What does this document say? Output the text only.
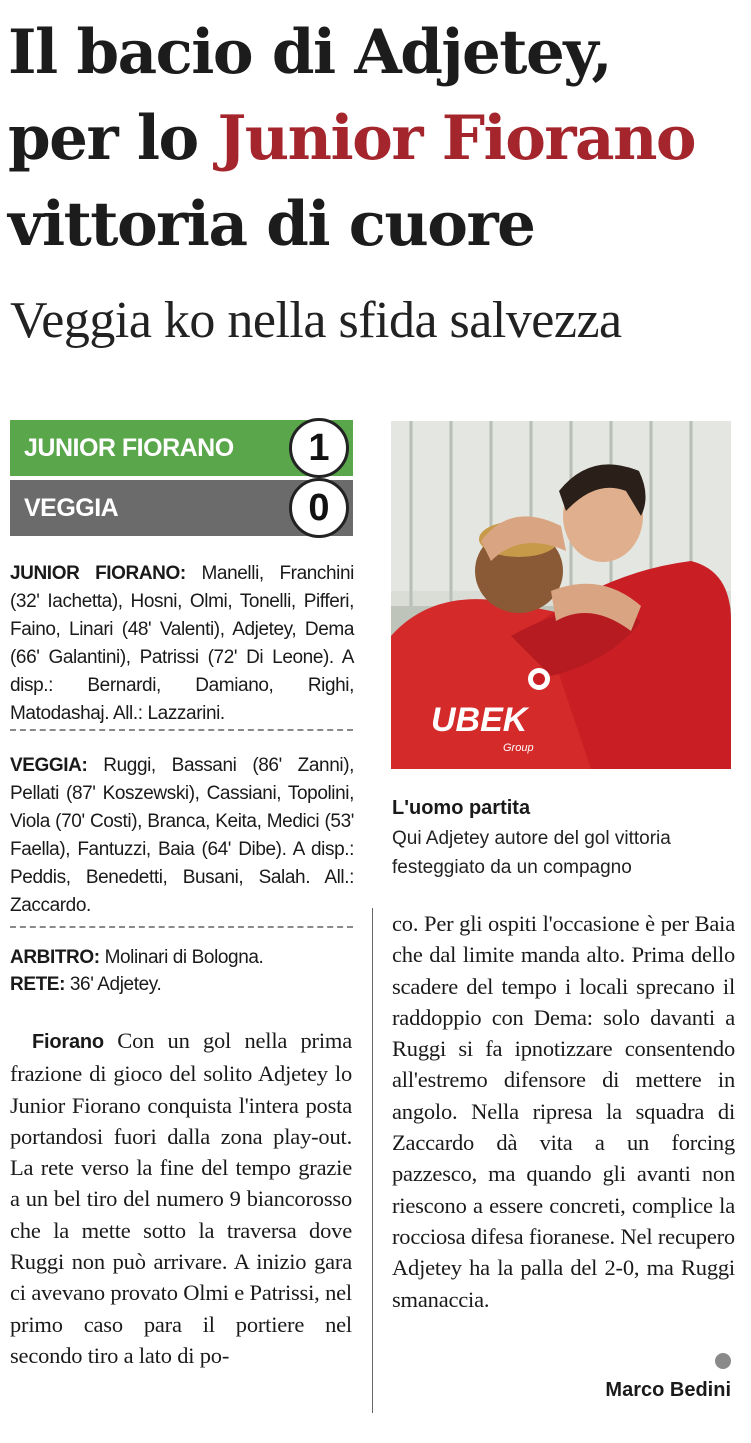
Il bacio di Adjetey,
per lo Junior Fiorano
vittoria di cuore
Veggia ko nella sfida salvezza
JUNIOR FIORANO	1
VEGGIA	0
JUNIOR FIORANO: Manelli, Franchini (32' Iachetta), Hosni, Olmi, Tonelli, Pifferi, Faino, Linari (48' Valenti), Adjetey, Dema (66' Galantini), Patrissi (72' Di Leone). A disp.: Bernardi, Damiano, Righi, Matodashaj. All.: Lazzarini.
VEGGIA: Ruggi, Bassani (86' Zanni), Pellati (87' Koszewski), Cassiani, Topolini, Viola (70' Costi), Branca, Keita, Medici (53' Faella), Fantuzzi, Baia (64' Dibe). A disp.: Peddis, Benedetti, Busani, Salah. All.: Zaccardo.
ARBITRO: Molinari di Bologna.
RETE: 36' Adjetey.
UBEK
Group
L'uomo partita
Qui Adjetey autore del gol vittoria festeggiato da un compagno
Fiorano Con un gol nella prima frazione di gioco del solito Adjetey lo Junior Fiorano conquista l'intera posta portandosi fuori dalla zona play-out. La rete verso la fine del tempo grazie a un bel tiro del numero 9 biancorosso che la mette sotto la traversa dove Ruggi non può arrivare. A inizio gara ci avevano provato Olmi e Patrissi, nel primo caso para il portiere nel secondo tiro a lato di po-
co. Per gli ospiti l'occasione è per Baia che dal limite manda alto. Prima dello scadere del tempo i locali sprecano il raddoppio con Dema: solo davanti a Ruggi si fa ipnotizzare consentendo all'estremo difensore di mettere in angolo. Nella ripresa la squadra di Zaccardo dà vita a un forcing pazzesco, ma quando gli avanti non riescono a essere concreti, complice la rocciosa difesa fioranese. Nel recupero Adjetey ha la palla del 2-0, ma Ruggi smanaccia.
Marco Bedini
